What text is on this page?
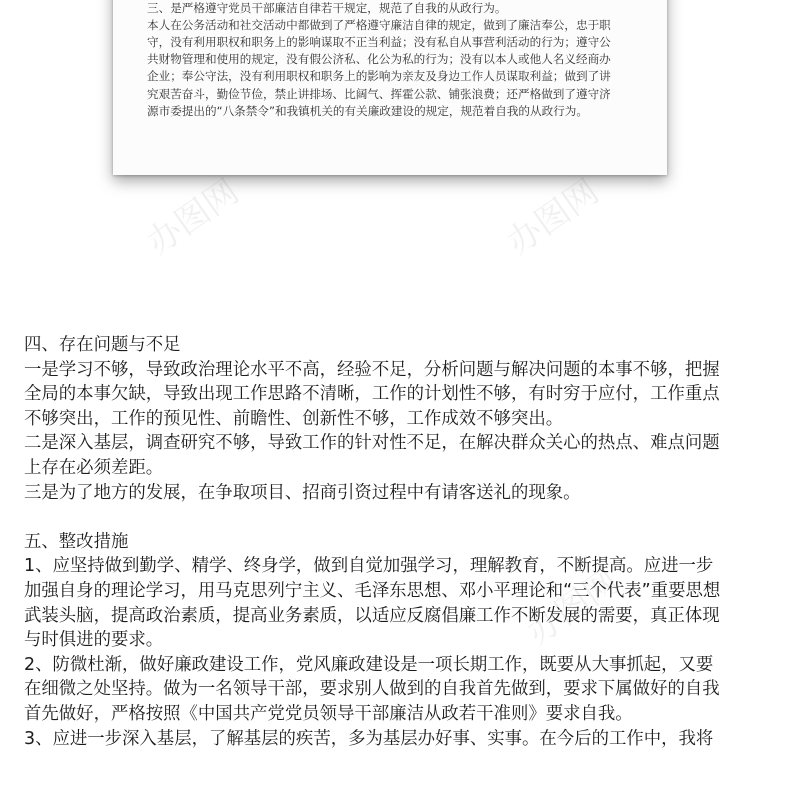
三、是严格遵守党员干部廉洁自律若干规定，规范了自我的从政行为。

本人在公务活动和社交活动中都做到了严格遵守廉洁自律的规定，做到了廉洁奉公，忠于职

守，没有利用职权和职务上的影响谋取不正当利益；没有私自从事营利活动的行为；遵守公

共财物管理和使用的规定，没有假公济私、化公为私的行为；没有以本人或他人名义经商办

企业；奉公守法，没有利用职权和职务上的影响为亲友及身边工作人员谋取利益；做到了讲

究艰苦奋斗，勤俭节俭，禁止讲排场、比阔气、挥霍公款、铺张浪费；还严格做到了遵守济

源市委提出的“八条禁令”和我镇机关的有关廉政建设的规定，规范着自我的从政行为。

办图网

四、存在问题与不足

一是学习不够，导致政治理论水平不高，经验不足，分析问题与解决问题的本事不够，把握

全局的本事欠缺，导致出现工作思路不清晰，工作的计划性不够，有时穷于应付，工作重点

不够突出，工作的预见性、前瞻性、创新性不够，工作成效不够突出。

二是深入基层，调查研究不够，导致工作的针对性不足，在解决群众关心的热点、难点问题

上存在必须差距。

三是为了地方的发展，在争取项目、招商引资过程中有请客送礼的现象。

五、整改措施

1、应坚持做到勤学、精学、终身学，做到自觉加强学习，理解教育，不断提高。应进一步

加强自身的理论学习，用马克思列宁主义、毛泽东思想、邓小平理论和“三个代表”重要思想

武装头脑，提高政治素质，提高业务素质，以适应反腐倡廉工作不断发展的需要，真正体现

与时俱进的要求。

2、防微杜渐，做好廉政建设工作，党风廉政建设是一项长期工作，既要从大事抓起，又要

在细微之处坚持。做为一名领导干部，要求别人做到的自我首先做到，要求下属做好的自我

首先做好，严格按照《中国共产党党员领导干部廉洁从政若干准则》要求自我。

3、应进一步深入基层，了解基层的疾苦，多为基层办好事、实事。在今后的工作中，我将
